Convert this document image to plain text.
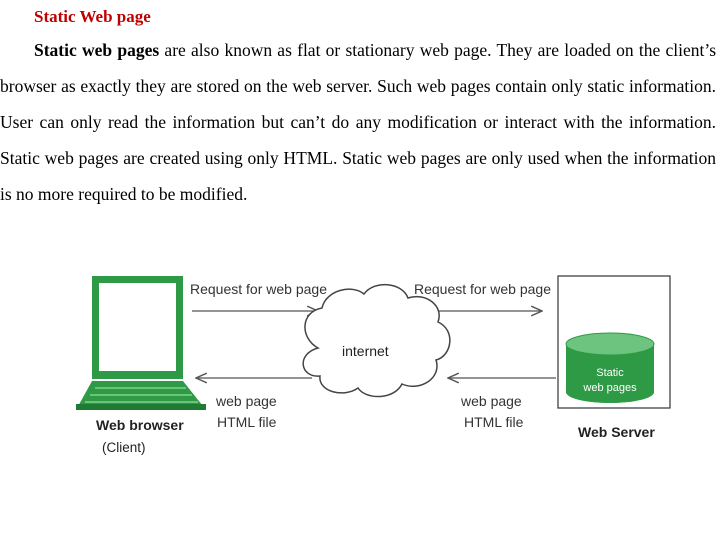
Static Web page
Static web pages are also known as flat or stationary web page. They are loaded on the client’s browser as exactly they are stored on the web server. Such web pages contain only static information. User can only read the information but can’t do any modification or interact with the information. Static web pages are created using only HTML. Static web pages are only used when the information is no more required to be modified.
Web browser
(Client)
Request for web page	Request for web page
internet
web page
HTML file
web page
HTML file
Static
web pages
Web Server
